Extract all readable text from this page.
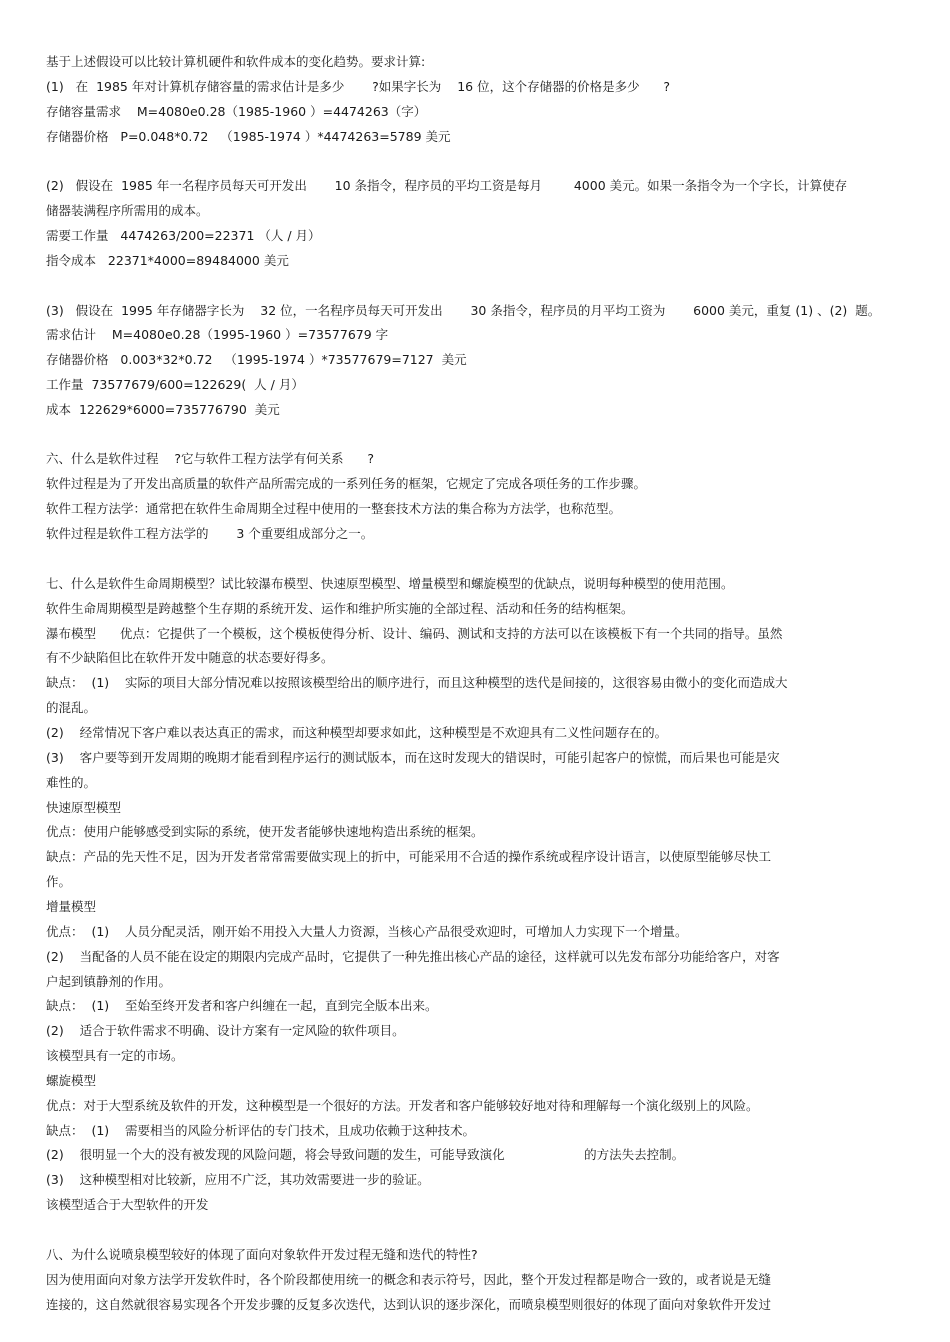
基于上述假设可以比较计算机硬件和软件成本的变化趋势。要求计算:
(1)   在  1985 年对计算机存储容量的需求估计是多少       ?如果字长为    16 位，这个存储器的价格是多少      ?
存储容量需求    M=4080e0.28（1985-1960 ）=4474263（字）
存储器价格   P=0.048*0.72   （1985-1974 ）*4474263=5789 美元
(2)   假设在  1985 年一名程序员每天可开发出       10 条指令，程序员的平均工资是每月        4000 美元。如果一条指令为一个字长，计算使存
储器装满程序所需用的成本。
需要工作量   4474263/200=22371 （人 / 月）
指令成本   22371*4000=89484000 美元
(3)   假设在  1995 年存储器字长为    32 位，一名程序员每天可开发出       30 条指令，程序员的月平均工资为       6000 美元，重复 (1) 、(2)  题。
需求估计    M=4080e0.28（1995-1960 ）=73577679 字
存储器价格   0.003*32*0.72   （1995-1974 ）*73577679=7127  美元
工作量  73577679/600=122629(  人 / 月）
成本  122629*6000=735776790  美元
六、什么是软件过程    ?它与软件工程方法学有何关系      ?
软件过程是为了开发出高质量的软件产品所需完成的一系列任务的框架，它规定了完成各项任务的工作步骤。
软件工程方法学：通常把在软件生命周期全过程中使用的一整套技术方法的集合称为方法学，也称范型。
软件过程是软件工程方法学的       3 个重要组成部分之一。
七、什么是软件生命周期模型？试比较瀑布模型、快速原型模型、增量模型和螺旋模型的优缺点，说明每种模型的使用范围。
软件生命周期模型是跨越整个生存期的系统开发、运作和维护所实施的全部过程、活动和任务的结构框架。
瀑布模型      优点：它提供了一个模板，这个模板使得分析、设计、编码、测试和支持的方法可以在该模板下有一个共同的指导。虽然
有不少缺陷但比在软件开发中随意的状态要好得多。
缺点：  (1)    实际的项目大部分情况难以按照该模型给出的顺序进行，而且这种模型的迭代是间接的，这很容易由微小的变化而造成大
的混乱。
(2)    经常情况下客户难以表达真正的需求，而这种模型却要求如此，这种模型是不欢迎具有二义性问题存在的。
(3)    客户要等到开发周期的晚期才能看到程序运行的测试版本，而在这时发现大的错误时，可能引起客户的惊慌，而后果也可能是灾
难性的。
快速原型模型
优点：使用户能够感受到实际的系统，使开发者能够快速地构造出系统的框架。
缺点：产品的先天性不足，因为开发者常常需要做实现上的折中，可能采用不合适的操作系统或程序设计语言，以使原型能够尽快工
作。
增量模型
优点：  (1)    人员分配灵活，刚开始不用投入大量人力资源，当核心产品很受欢迎时，可增加人力实现下一个增量。
(2)    当配备的人员不能在设定的期限内完成产品时，它提供了一种先推出核心产品的途径，这样就可以先发布部分功能给客户，对客
户起到镇静剂的作用。
缺点：  (1)    至始至终开发者和客户纠缠在一起，直到完全版本出来。
(2)    适合于软件需求不明确、设计方案有一定风险的软件项目。
该模型具有一定的市场。
螺旋模型
优点：对于大型系统及软件的开发，这种模型是一个很好的方法。开发者和客户能够较好地对待和理解每一个演化级别上的风险。
缺点：  (1)    需要相当的风险分析评估的专门技术，且成功依赖于这种技术。
(2)    很明显一个大的没有被发现的风险问题，将会导致问题的发生，可能导致演化                    的方法失去控制。
(3)    这种模型相对比较新，应用不广泛，其功效需要进一步的验证。
该模型适合于大型软件的开发
八、为什么说喷泉模型较好的体现了面向对象软件开发过程无缝和迭代的特性?
因为使用面向对象方法学开发软件时，各个阶段都使用统一的概念和表示符号，因此，整个开发过程都是吻合一致的，或者说是无缝
连接的，这自然就很容易实现各个开发步骤的反复多次迭代，达到认识的逐步深化，而喷泉模型则很好的体现了面向对象软件开发过
